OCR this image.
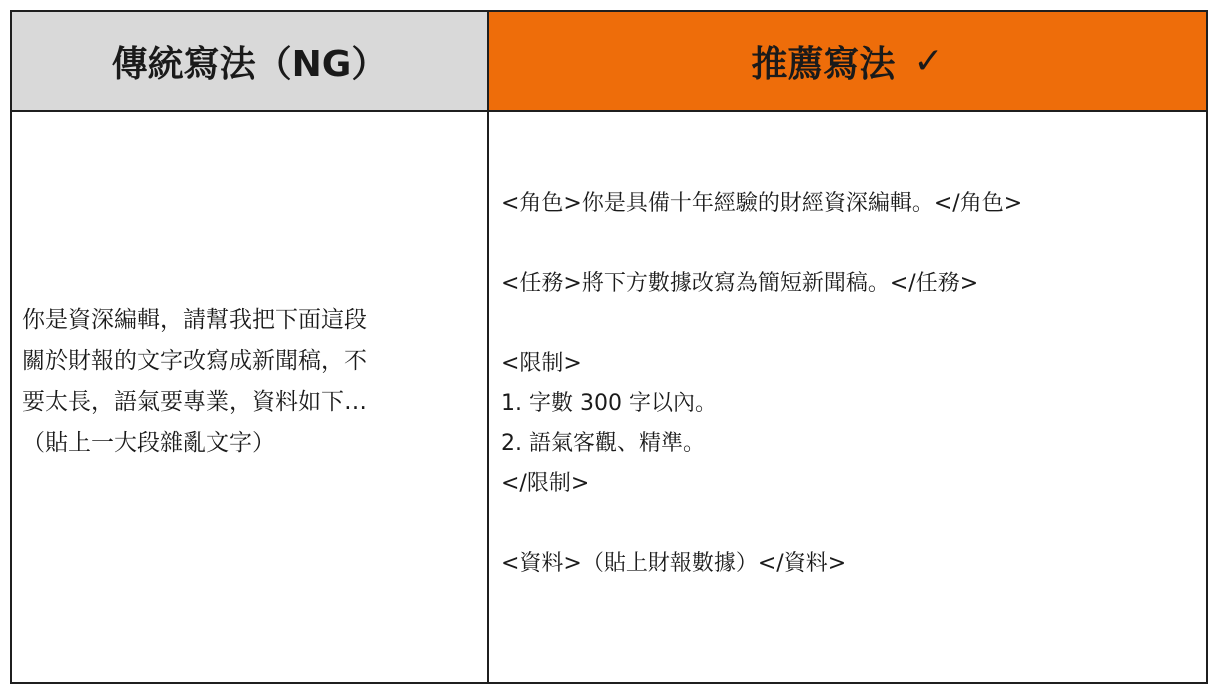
傳統寫法（NG）	推薦寫法 ✓
你是資深編輯，請幫我把下面這段
關於財報的文字改寫成新聞稿，不
要太長，語氣要專業，資料如下…
（貼上一大段雜亂文字）
<角色>你是具備十年經驗的財經資深編輯。</角色>
<任務>將下方數據改寫為簡短新聞稿。</任務>
<限制>
1. 字數 300 字以內。
2. 語氣客觀、精準。
</限制>
<資料>（貼上財報數據）</資料>
